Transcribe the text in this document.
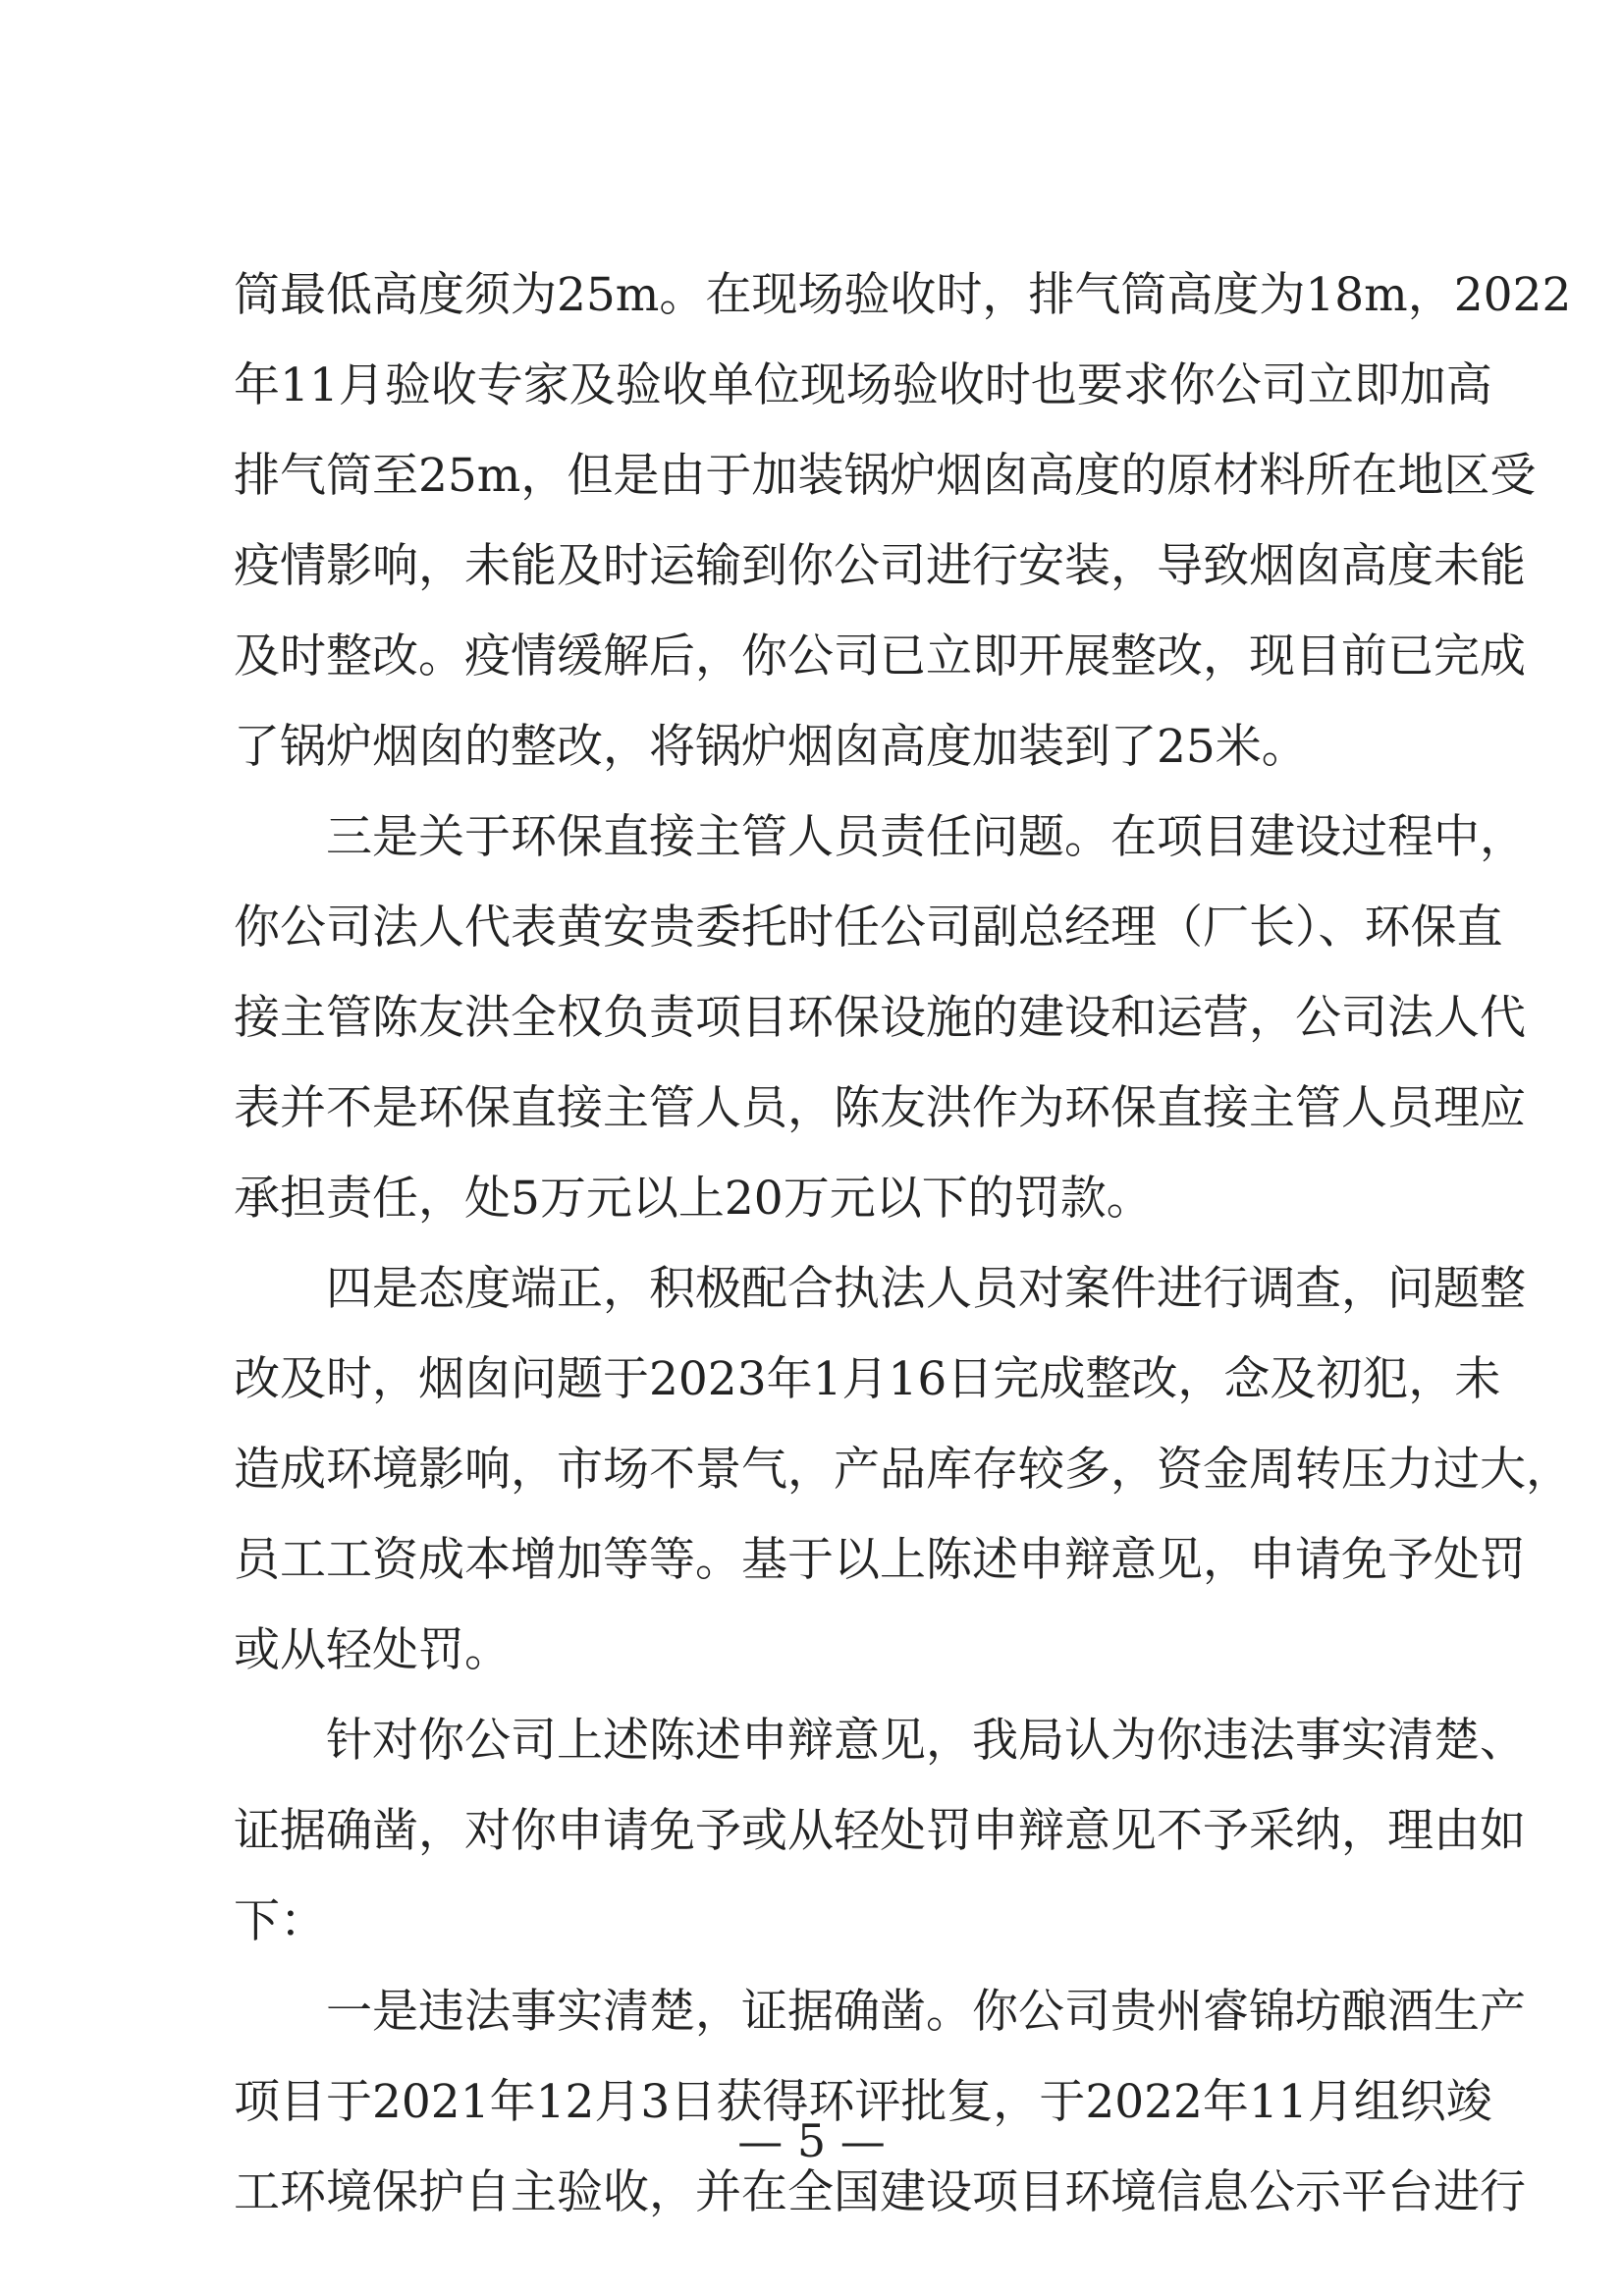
筒最低高度须为25m。在现场验收时，排气筒高度为18m，2022
年11月验收专家及验收单位现场验收时也要求你公司立即加高
排气筒至25m，但是由于加装锅炉烟囱高度的原材料所在地区受
疫情影响，未能及时运输到你公司进行安装，导致烟囱高度未能
及时整改。疫情缓解后，你公司已立即开展整改，现目前已完成
了锅炉烟囱的整改，将锅炉烟囱高度加装到了25米。
　　三是关于环保直接主管人员责任问题。在项目建设过程中，
你公司法人代表黄安贵委托时任公司副总经理（厂长）、环保直
接主管陈友洪全权负责项目环保设施的建设和运营，公司法人代
表并不是环保直接主管人员，陈友洪作为环保直接主管人员理应
承担责任，处5万元以上20万元以下的罚款。
　　四是态度端正，积极配合执法人员对案件进行调查，问题整
改及时，烟囱问题于2023年1月16日完成整改，念及初犯，未
造成环境影响，市场不景气，产品库存较多，资金周转压力过大，
员工工资成本增加等等。基于以上陈述申辩意见，申请免予处罚
或从轻处罚。
　　针对你公司上述陈述申辩意见，我局认为你违法事实清楚、
证据确凿，对你申请免予或从轻处罚申辩意见不予采纳，理由如
下：
　　一是违法事实清楚，证据确凿。你公司贵州睿锦坊酿酒生产
项目于2021年12月3日获得环评批复，于2022年11月组织竣
工环境保护自主验收，并在全国建设项目环境信息公示平台进行
— 5 —
